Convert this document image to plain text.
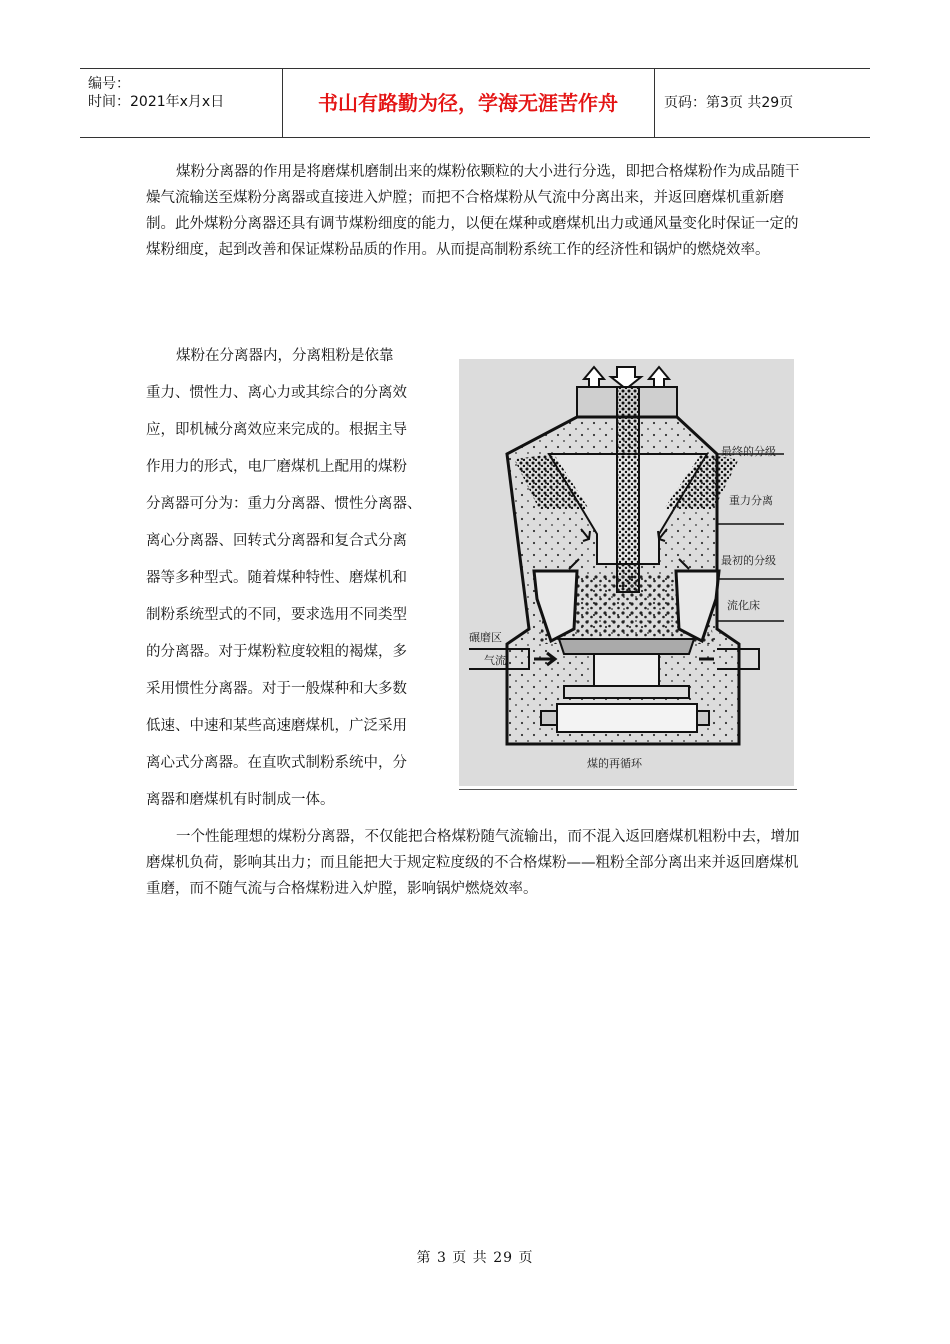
编号：
时间：2021年x月x日	书山有路勤为径，学海无涯苦作舟	页码：第3页 共29页

煤粉分离器的作用是将磨煤机磨制出来的煤粉依颗粒的大小进行分选，即把合格煤粉作为成品随干燥气流输送至煤粉分离器或直接进入炉膛；而把不合格煤粉从气流中分离出来，并返回磨煤机重新磨制。此外煤粉分离器还具有调节煤粉细度的能力，以便在煤种或磨煤机出力或通风量变化时保证一定的煤粉细度，起到改善和保证煤粉品质的作用。从而提高制粉系统工作的经济性和锅炉的燃烧效率。

煤粉在分离器内，分离粗粉是依靠
重力、惯性力、离心力或其综合的分离效
应，即机械分离效应来完成的。根据主导
作用力的形式，电厂磨煤机上配用的煤粉
分离器可分为：重力分离器、惯性分离器、
离心分离器、回转式分离器和复合式分离
器等多种型式。随着煤种特性、磨煤机和
制粉系统型式的不同，要求选用不同类型
的分离器。对于煤粉粒度较粗的褐煤，多
采用惯性分离器。对于一般煤种和大多数
低速、中速和某些高速磨煤机，广泛采用
离心式分离器。在直吹式制粉系统中，分
离器和磨煤机有时制成一体。
最终的分级
重力分离
最初的分级
流化床
碾磨区
气流
煤的再循环

一个性能理想的煤粉分离器，不仅能把合格煤粉随气流输出，而不混入返回磨煤机粗粉中去，增加磨煤机负荷，影响其出力；而且能把大于规定粒度级的不合格煤粉——粗粉全部分离出来并返回磨煤机重磨，而不随气流与合格煤粉进入炉膛，影响锅炉燃烧效率。

第 3 页 共 29 页
